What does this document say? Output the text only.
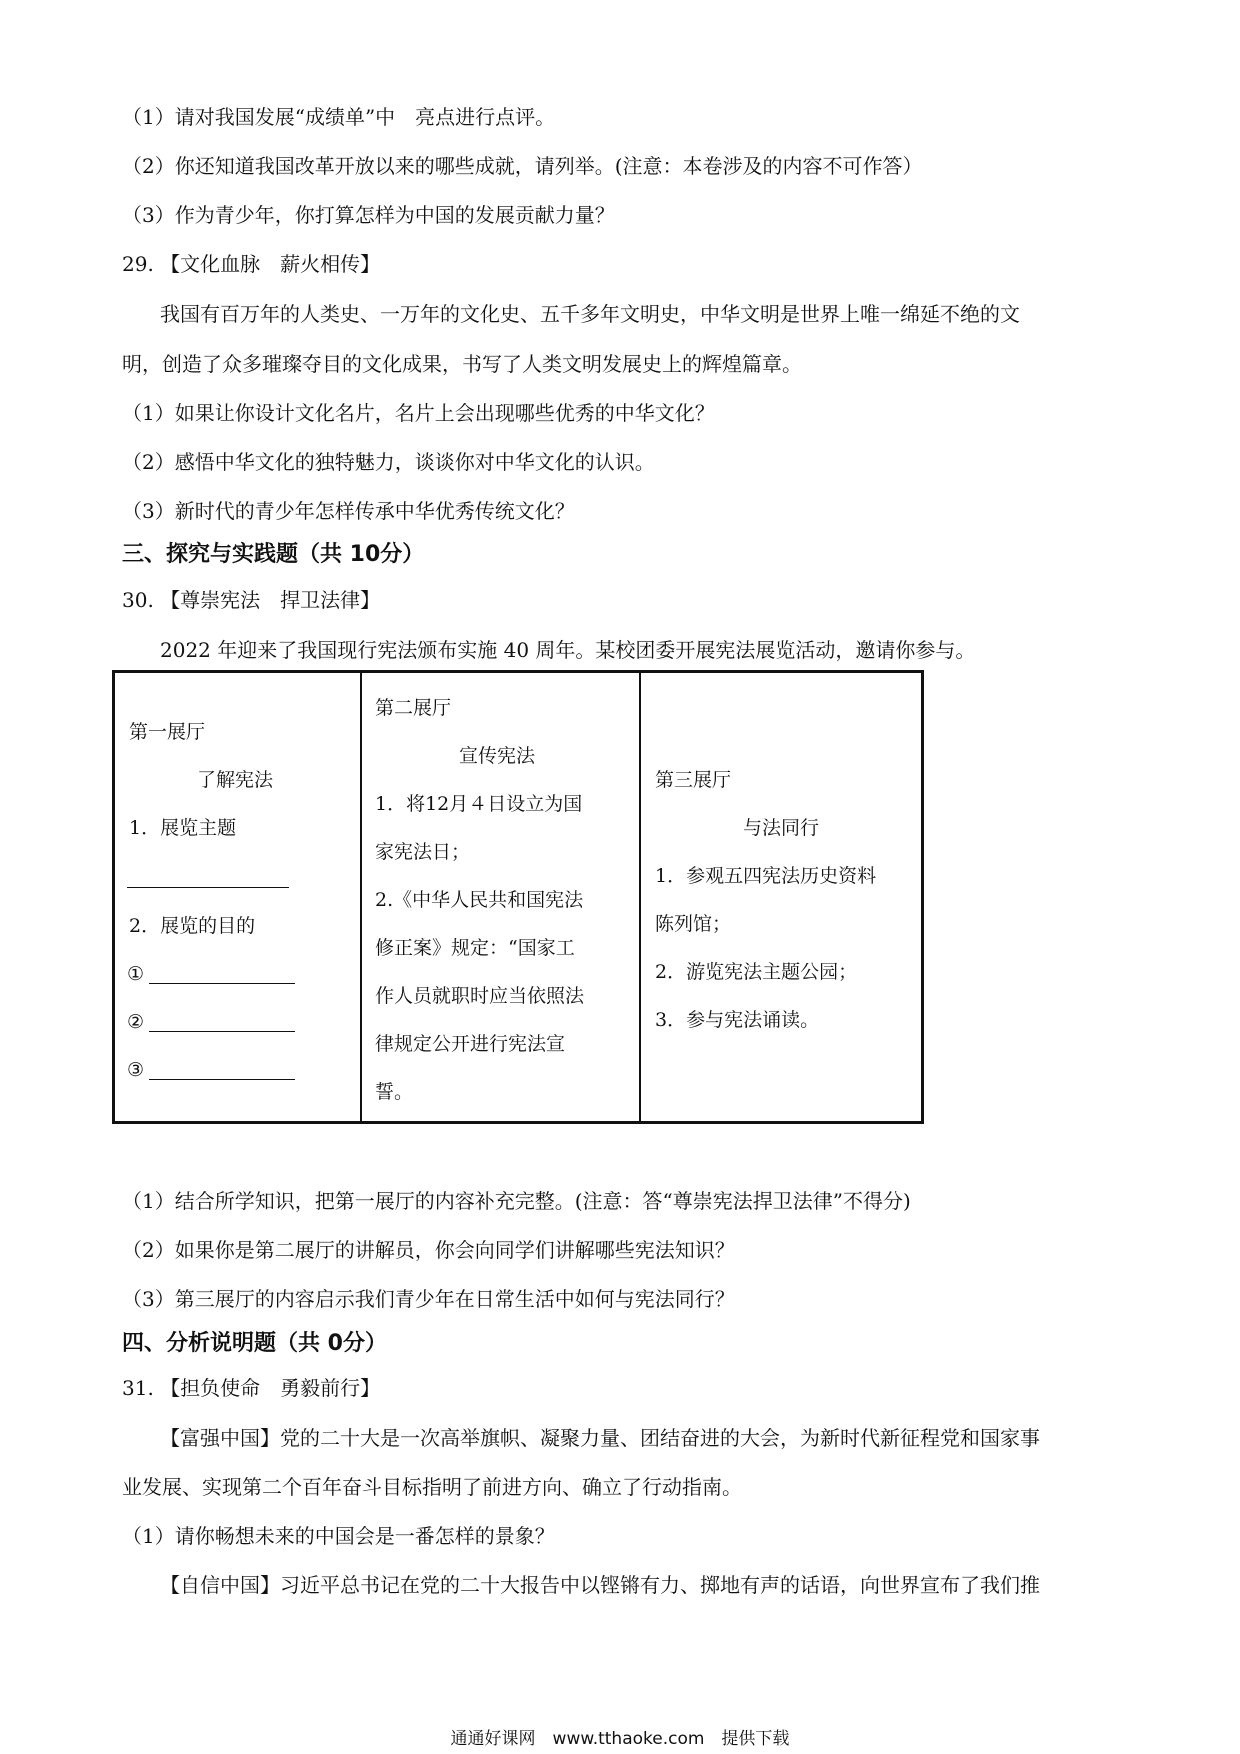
（1）请对我国发展“成绩单”中　亮点进行点评。
（2）你还知道我国改革开放以来的哪些成就，请列举。(注意：本卷涉及的内容不可作答）
（3）作为青少年，你打算怎样为中国的发展贡献力量？
29. 【文化血脉　薪火相传】
我国有百万年的人类史、一万年的文化史、五千多年文明史，中华文明是世界上唯一绵延不绝的文
明，创造了众多璀璨夺目的文化成果，书写了人类文明发展史上的辉煌篇章。
（1）如果让你设计文化名片，名片上会出现哪些优秀的中华文化？
（2）感悟中华文化的独特魅力，谈谈你对中华文化的认识。
（3）新时代的青少年怎样传承中华优秀传统文化？
三、探究与实践题（共 10分）
30. 【尊崇宪法　捍卫法律】
2022 年迎来了我国现行宪法颁布实施 40 周年。某校团委开展宪法展览活动，邀请你参与。
第一展厅
了解宪法
1．展览主题
2．展览的目的
①
②
③
第二展厅
宣传宪法
1．将12月４日设立为国
家宪法日；
2.《中华人民共和国宪法
修正案》规定：“国家工
作人员就职时应当依照法
律规定公开进行宪法宣
誓。
第三展厅
与法同行
1．参观五四宪法历史资料
陈列馆；
2．游览宪法主题公园；
3．参与宪法诵读。
（1）结合所学知识，把第一展厅的内容补充完整。(注意：答“尊崇宪法捍卫法律”不得分)
（2）如果你是第二展厅的讲解员，你会向同学们讲解哪些宪法知识？
（3）第三展厅的内容启示我们青少年在日常生活中如何与宪法同行？
四、分析说明题（共 0分）
31. 【担负使命　勇毅前行】
【富强中国】党的二十大是一次高举旗帜、凝聚力量、团结奋进的大会，为新时代新征程党和国家事
业发展、实现第二个百年奋斗目标指明了前进方向、确立了行动指南。
（1）请你畅想未来的中国会是一番怎样的景象？
【自信中国】习近平总书记在党的二十大报告中以铿锵有力、掷地有声的话语，向世界宣布了我们推
通通好课网　www.tthaoke.com　提供下载
